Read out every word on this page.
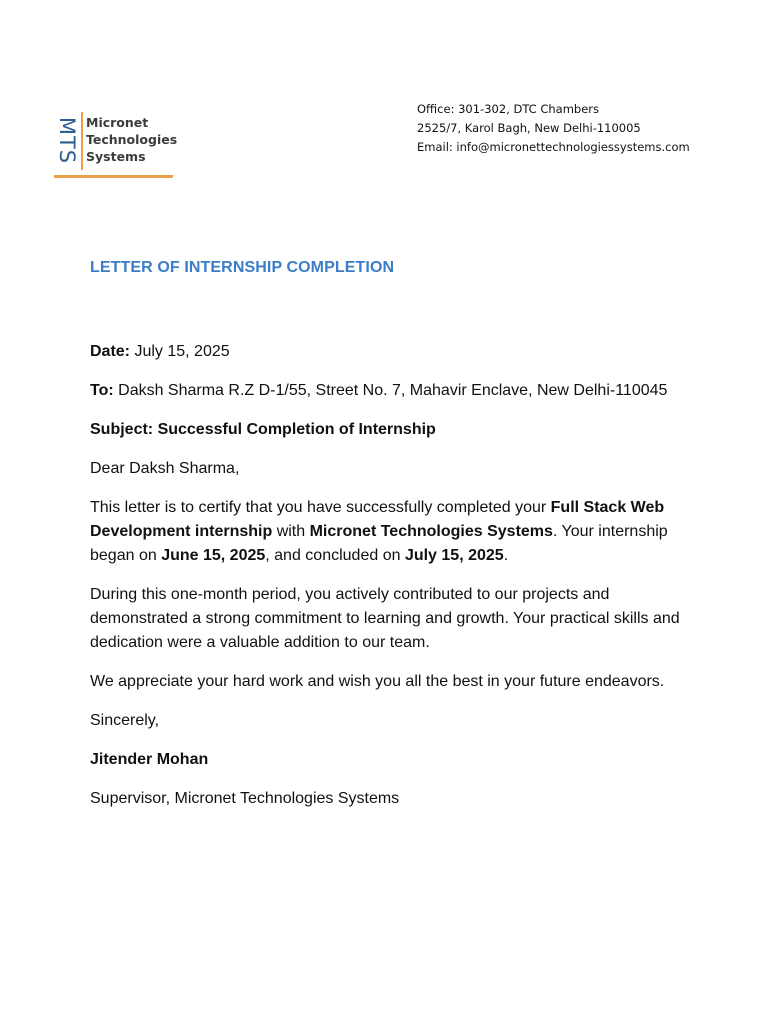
MTS Micronet
Technologies
Systems
Office: 301-302, DTC Chambers
2525/7, Karol Bagh, New Delhi-110005
Email: info@micronettechnologiessystems.com
LETTER OF INTERNSHIP COMPLETION

Date: July 15, 2025

To: Daksh Sharma R.Z D-1/55, Street No. 7, Mahavir Enclave, New Delhi-110045

Subject: Successful Completion of Internship

Dear Daksh Sharma,

This letter is to certify that you have successfully completed your Full Stack Web Development internship with Micronet Technologies Systems. Your internship began on June 15, 2025, and concluded on July 15, 2025.

During this one-month period, you actively contributed to our projects and demonstrated a strong commitment to learning and growth. Your practical skills and dedication were a valuable addition to our team.

We appreciate your hard work and wish you all the best in your future endeavors.

Sincerely,

Jitender Mohan

Supervisor, Micronet Technologies Systems
